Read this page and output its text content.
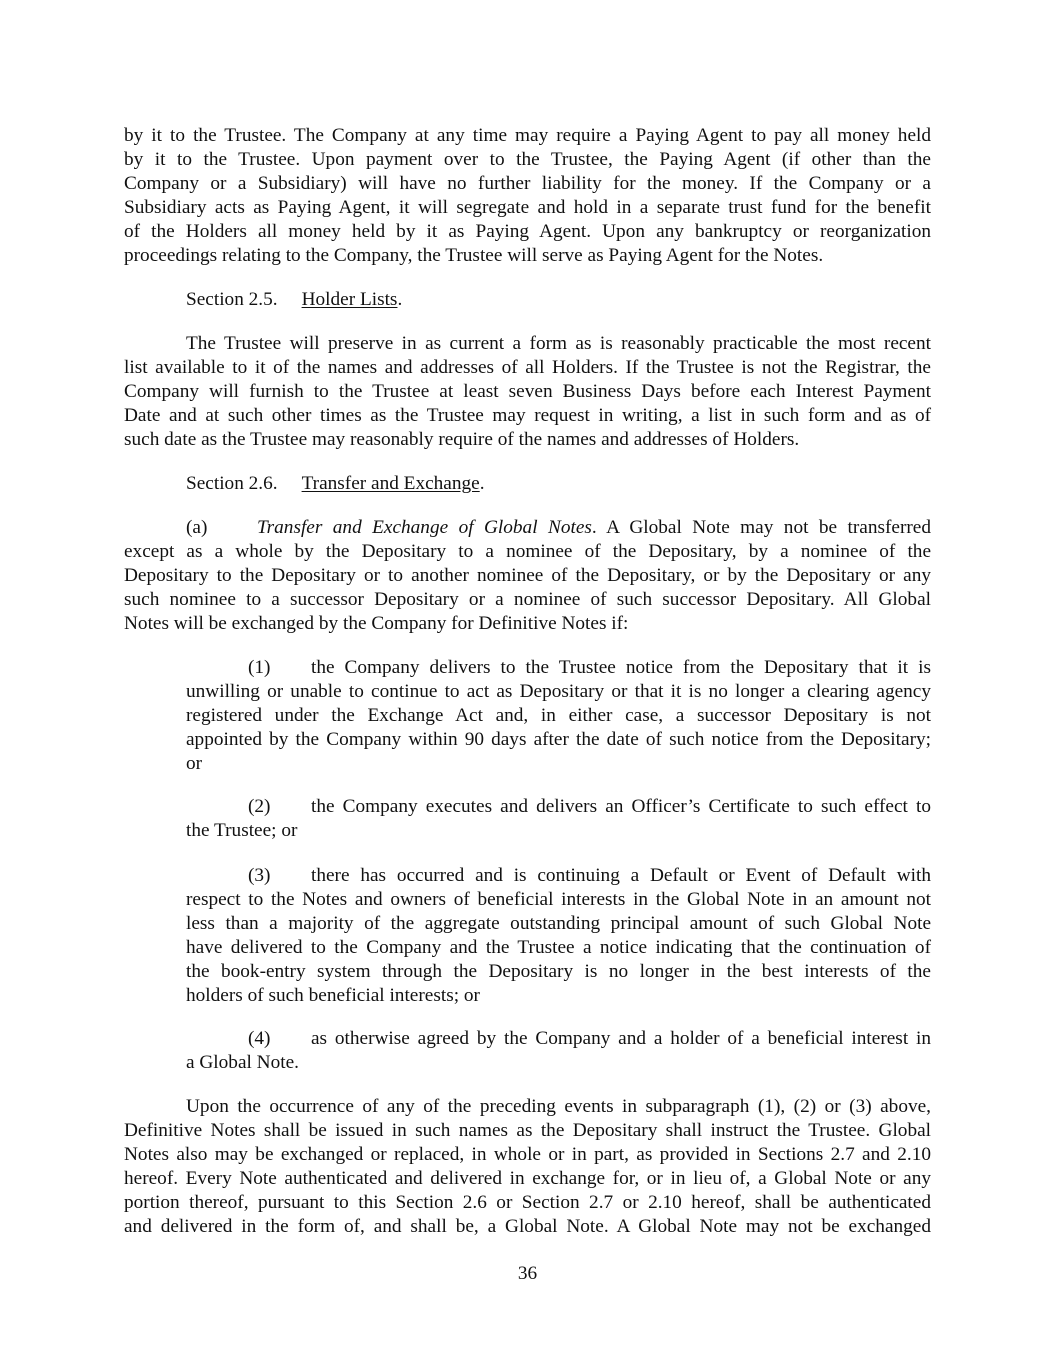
Section 2.5. Holder Lists.
Section 2.6. Transfer and Exchange.
(a)	Transfer and Exchange of Global Notes. A Global Note may not be transferred
36
by it to the Trustee. The Company at any time may require a Paying Agent to pay all money held
by it to the Trustee. Upon payment over to the Trustee, the Paying Agent (if other than the
Company or a Subsidiary) will have no further liability for the money. If the Company or a
Subsidiary acts as Paying Agent, it will segregate and hold in a separate trust fund for the benefit
of the Holders all money held by it as Paying Agent. Upon any bankruptcy or reorganization
proceedings relating to the Company, the Trustee will serve as Paying Agent for the Notes.
The Trustee will preserve in as current a form as is reasonably practicable the most recent
list available to it of the names and addresses of all Holders. If the Trustee is not the Registrar, the
Company will furnish to the Trustee at least seven Business Days before each Interest Payment
Date and at such other times as the Trustee may request in writing, a list in such form and as of
such date as the Trustee may reasonably require of the names and addresses of Holders.
except as a whole by the Depositary to a nominee of the Depositary, by a nominee of the
Depositary to the Depositary or to another nominee of the Depositary, or by the Depositary or any
such nominee to a successor Depositary or a nominee of such successor Depositary. All Global
Notes will be exchanged by the Company for Definitive Notes if:
(1) the Company delivers to the Trustee notice from the Depositary that it is
unwilling or unable to continue to act as Depositary or that it is no longer a clearing agency
registered under the Exchange Act and, in either case, a successor Depositary is not
appointed by the Company within 90 days after the date of such notice from the Depositary;
or
(2) the Company executes and delivers an Officer’s Certificate to such effect to
the Trustee; or
(3) there has occurred and is continuing a Default or Event of Default with
respect to the Notes and owners of beneficial interests in the Global Note in an amount not
less than a majority of the aggregate outstanding principal amount of such Global Note
have delivered to the Company and the Trustee a notice indicating that the continuation of
the book-entry system through the Depositary is no longer in the best interests of the
holders of such beneficial interests; or
(4) as otherwise agreed by the Company and a holder of a beneficial interest in
a Global Note.
Upon the occurrence of any of the preceding events in subparagraph (1), (2) or (3) above,
Definitive Notes shall be issued in such names as the Depositary shall instruct the Trustee. Global
Notes also may be exchanged or replaced, in whole or in part, as provided in Sections 2.7 and 2.10
hereof. Every Note authenticated and delivered in exchange for, or in lieu of, a Global Note or any
portion thereof, pursuant to this Section 2.6 or Section 2.7 or 2.10 hereof, shall be authenticated
and delivered in the form of, and shall be, a Global Note. A Global Note may not be exchanged
